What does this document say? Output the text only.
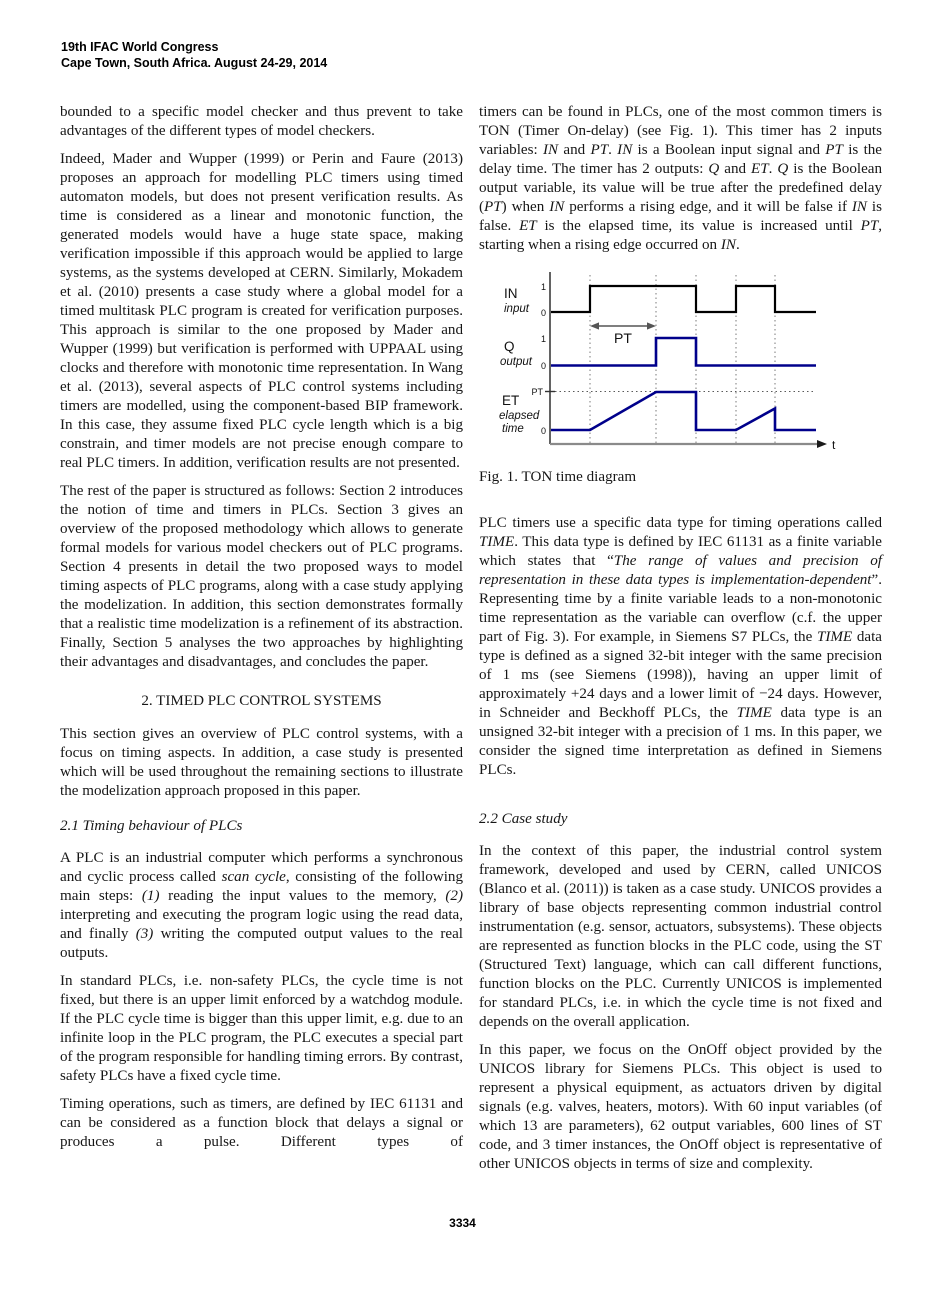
19th IFAC World Congress
Cape Town, South Africa. August 24-29, 2014

bounded to a specific model checker and thus prevent to take advantages of the different types of model checkers.

Indeed, Mader and Wupper (1999) or Perin and Faure (2013) proposes an approach for modelling PLC timers using timed automaton models, but does not present verification results. As time is considered as a linear and monotonic function, the generated models would have a huge state space, making verification impossible if this approach would be applied to large systems, as the systems developed at CERN. Similarly, Mokadem et al. (2010) presents a case study where a global model for a timed multitask PLC program is created for verification purposes. This approach is similar to the one proposed by Mader and Wupper (1999) but verification is performed with UPPAAL using clocks and therefore with monotonic time representation. In Wang et al. (2013), several aspects of PLC control systems including timers are modelled, using the component-based BIP framework. In this case, they assume fixed PLC cycle length which is a big constrain, and timer models are not precise enough compare to real PLC timers. In addition, verification results are not presented.

The rest of the paper is structured as follows: Section 2 introduces the notion of time and timers in PLCs. Section 3 gives an overview of the proposed methodology which allows to generate formal models for various model checkers out of PLC programs. Section 4 presents in detail the two proposed ways to model timing aspects of PLC programs, along with a case study applying the modelization. In addition, this section demonstrates formally that a realistic time modelization is a refinement of its abstraction. Finally, Section 5 analyses the two approaches by highlighting their advantages and disadvantages, and concludes the paper.

2. TIMED PLC CONTROL SYSTEMS

This section gives an overview of PLC control systems, with a focus on timing aspects. In addition, a case study is presented which will be used throughout the remaining sections to illustrate the modelization approach proposed in this paper.

2.1 Timing behaviour of PLCs

A PLC is an industrial computer which performs a synchronous and cyclic process called scan cycle, consisting of the following main steps: (1) reading the input values to the memory, (2) interpreting and executing the program logic using the read data, and finally (3) writing the computed output values to the real outputs.

In standard PLCs, i.e. non-safety PLCs, the cycle time is not fixed, but there is an upper limit enforced by a watchdog module. If the PLC cycle time is bigger than this upper limit, e.g. due to an infinite loop in the PLC program, the PLC executes a special part of the program responsible for handling timing errors. By contrast, safety PLCs have a fixed cycle time.

Timing operations, such as timers, are defined by IEC 61131 and can be considered as a function block that delays a signal or produces a pulse. Different types of

timers can be found in PLCs, one of the most common timers is TON (Timer On-delay) (see Fig. 1). This timer has 2 inputs variables: IN and PT. IN is a Boolean input signal and PT is the delay time. The timer has 2 outputs: Q and ET. Q is the Boolean output variable, its value will be true after the predefined delay (PT) when IN performs a rising edge, and it will be false if IN is false. ET is the elapsed time, its value is increased until PT, starting when a rising edge occurred on IN.

IN
input
Q
output
ET
elapsed
time
1
0
1
0
PT
0
PT
t
Fig. 1. TON time diagram

PLC timers use a specific data type for timing operations called TIME. This data type is defined by IEC 61131 as a finite variable which states that “The range of values and precision of representation in these data types is implementation-dependent”. Representing time by a finite variable leads to a non-monotonic time representation as the variable can overflow (c.f. the upper part of Fig. 3). For example, in Siemens S7 PLCs, the TIME data type is defined as a signed 32-bit integer with the same precision of 1 ms (see Siemens (1998)), having an upper limit of approximately +24 days and a lower limit of −24 days. However, in Schneider and Beckhoff PLCs, the TIME data type is an unsigned 32-bit integer with a precision of 1 ms. In this paper, we consider the signed time interpretation as defined in Siemens PLCs.

2.2 Case study

In the context of this paper, the industrial control system framework, developed and used by CERN, called UNICOS (Blanco et al. (2011)) is taken as a case study. UNICOS provides a library of base objects representing common industrial control instrumentation (e.g. sensor, actuators, subsystems). These objects are represented as function blocks in the PLC code, using the ST (Structured Text) language, which can call different functions, function blocks on the PLC. Currently UNICOS is implemented for standard PLCs, i.e. in which the cycle time is not fixed and depends on the overall application.

In this paper, we focus on the OnOff object provided by the UNICOS library for Siemens PLCs. This object is used to represent a physical equipment, as actuators driven by digital signals (e.g. valves, heaters, motors). With 60 input variables (of which 13 are parameters), 62 output variables, 600 lines of ST code, and 3 timer instances, the OnOff object is representative of other UNICOS objects in terms of size and complexity.

3334
